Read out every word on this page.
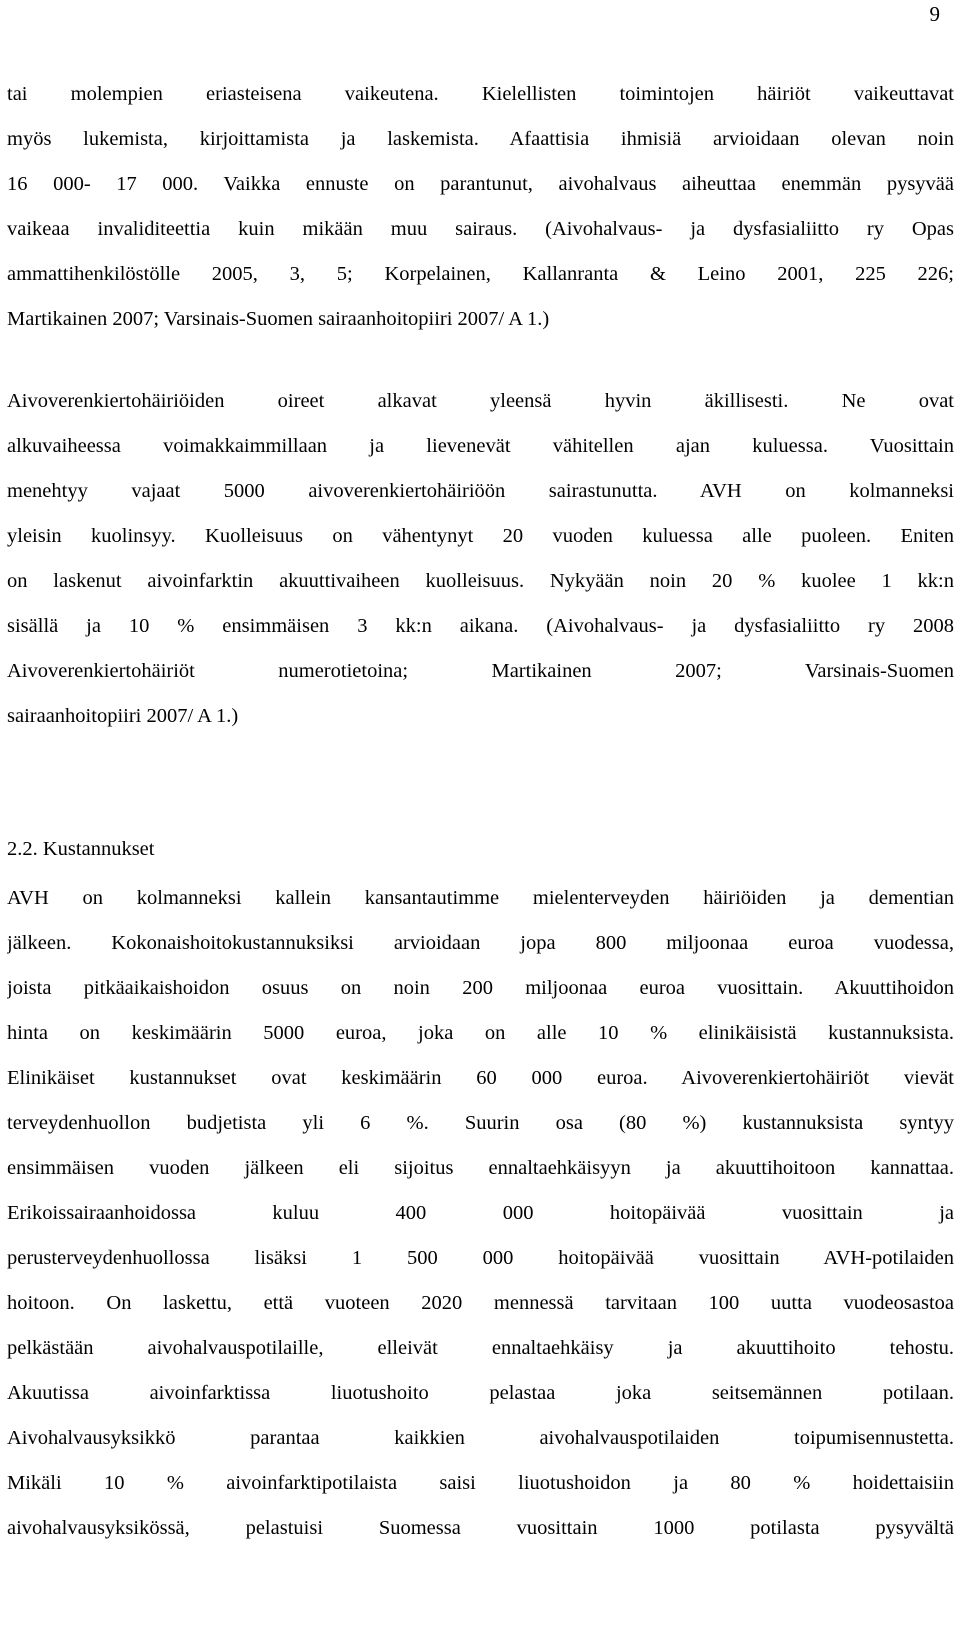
9
tai molempien eriasteisena vaikeutena. Kielellisten toimintojen häiriöt vaikeuttavat
myös lukemista, kirjoittamista ja laskemista. Afaattisia ihmisiä arvioidaan olevan noin
16 000- 17 000. Vaikka ennuste on parantunut, aivohalvaus aiheuttaa enemmän pysyvää
vaikeaa invaliditeettia kuin mikään muu sairaus. (Aivohalvaus- ja dysfasialiitto ry Opas
ammattihenkilöstölle 2005, 3, 5; Korpelainen, Kallanranta & Leino 2001, 225 226;
Martikainen 2007; Varsinais-Suomen sairaanhoitopiiri 2007/ A 1.)
Aivoverenkiertohäiriöiden oireet alkavat yleensä hyvin äkillisesti. Ne ovat
alkuvaiheessa voimakkaimmillaan ja lievenevät vähitellen ajan kuluessa. Vuosittain
menehtyy vajaat 5000 aivoverenkiertohäiriöön sairastunutta. AVH on kolmanneksi
yleisin kuolinsyy. Kuolleisuus on vähentynyt 20 vuoden kuluessa alle puoleen. Eniten
on laskenut aivoinfarktin akuuttivaiheen kuolleisuus. Nykyään noin 20 % kuolee 1 kk:n
sisällä ja 10 % ensimmäisen 3 kk:n aikana. (Aivohalvaus- ja dysfasialiitto ry 2008
Aivoverenkiertohäiriöt numerotietoina; Martikainen 2007; Varsinais-Suomen
sairaanhoitopiiri 2007/ A 1.)
2.2. Kustannukset
AVH on kolmanneksi kallein kansantautimme mielenterveyden häiriöiden ja dementian
jälkeen. Kokonaishoitokustannuksiksi arvioidaan jopa 800 miljoonaa euroa vuodessa,
joista pitkäaikaishoidon osuus on noin 200 miljoonaa euroa vuosittain. Akuuttihoidon
hinta on keskimäärin 5000 euroa, joka on alle 10 % elinikäisistä kustannuksista.
Elinikäiset kustannukset ovat keskimäärin 60 000 euroa. Aivoverenkiertohäiriöt vievät
terveydenhuollon budjetista yli 6 %. Suurin osa (80 %) kustannuksista syntyy
ensimmäisen vuoden jälkeen eli sijoitus ennaltaehkäisyyn ja akuuttihoitoon kannattaa.
Erikoissairaanhoidossa kuluu 400 000 hoitopäivää vuosittain ja
perusterveydenhuollossa lisäksi 1 500 000 hoitopäivää vuosittain AVH-potilaiden
hoitoon. On laskettu, että vuoteen 2020 mennessä tarvitaan 100 uutta vuodeosastoa
pelkästään aivohalvauspotilaille, elleivät ennaltaehkäisy ja akuuttihoito tehostu.
Akuutissa aivoinfarktissa liuotushoito pelastaa joka seitsemännen potilaan.
Aivohalvausyksikkö parantaa kaikkien aivohalvauspotilaiden toipumisennustetta.
Mikäli 10 % aivoinfarktipotilaista saisi liuotushoidon ja 80 % hoidettaisiin
aivohalvausyksikössä, pelastuisi Suomessa vuosittain 1000 potilasta pysyvältä
